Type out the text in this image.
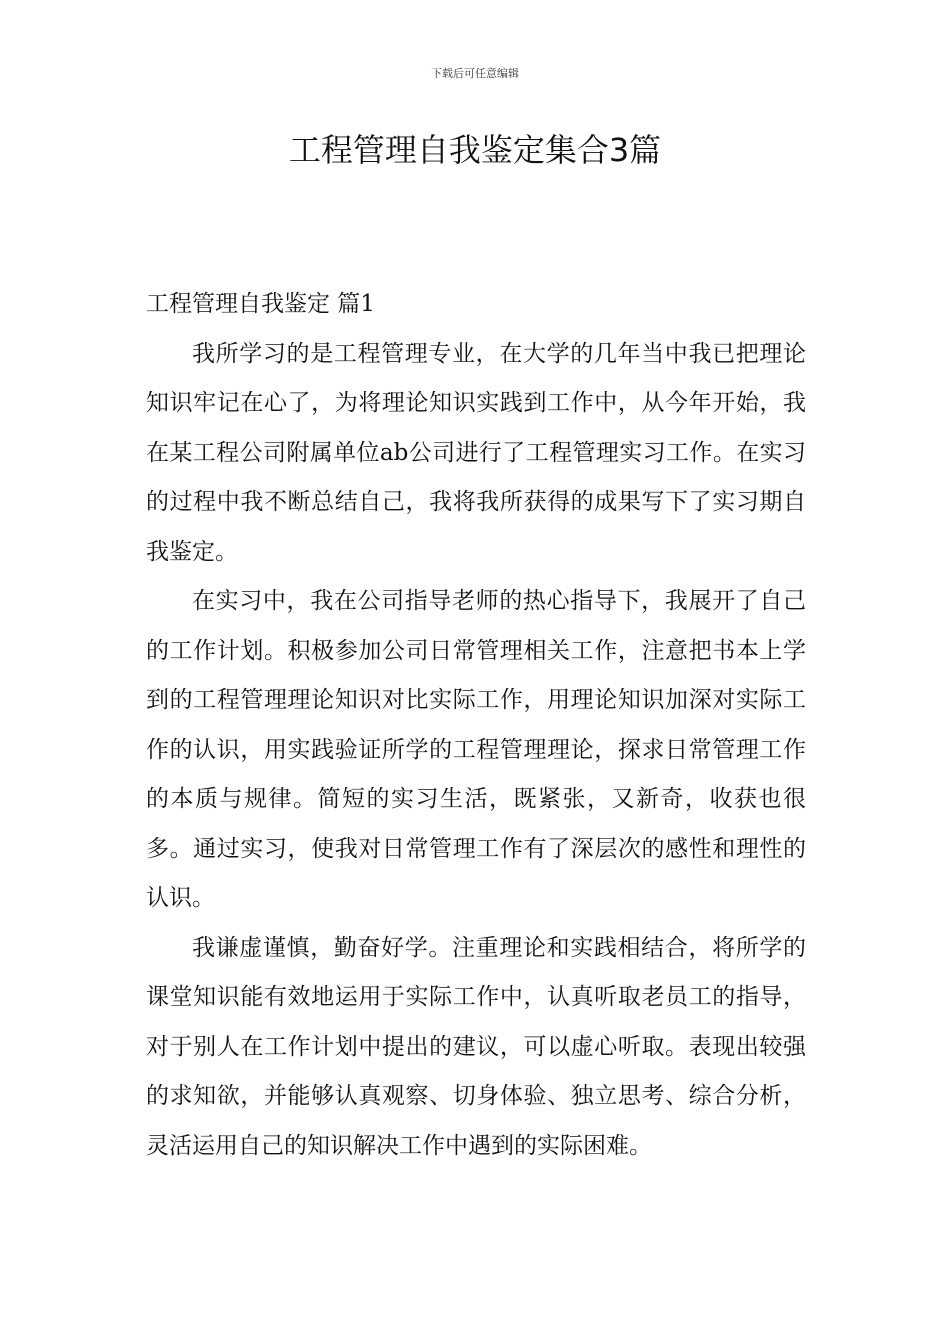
下载后可任意编辑
工程管理自我鉴定集合3篇

工程管理自我鉴定 篇1

我所学习的是工程管理专业，在大学的几年当中我已把理论知识牢记在心了，为将理论知识实践到工作中，从今年开始，我在某工程公司附属单位ab公司进行了工程管理实习工作。在实习的过程中我不断总结自己，我将我所获得的成果写下了实习期自我鉴定。

在实习中，我在公司指导老师的热心指导下，我展开了自己的工作计划。积极参加公司日常管理相关工作，注意把书本上学到的工程管理理论知识对比实际工作，用理论知识加深对实际工作的认识，用实践验证所学的工程管理理论，探求日常管理工作的本质与规律。简短的实习生活，既紧张，又新奇，收获也很多。通过实习，使我对日常管理工作有了深层次的感性和理性的认识。

我谦虚谨慎，勤奋好学。注重理论和实践相结合，将所学的课堂知识能有效地运用于实际工作中，认真听取老员工的指导，对于别人在工作计划中提出的建议，可以虚心听取。表现出较强的求知欲，并能够认真观察、切身体验、独立思考、综合分析，灵活运用自己的知识解决工作中遇到的实际困难。
